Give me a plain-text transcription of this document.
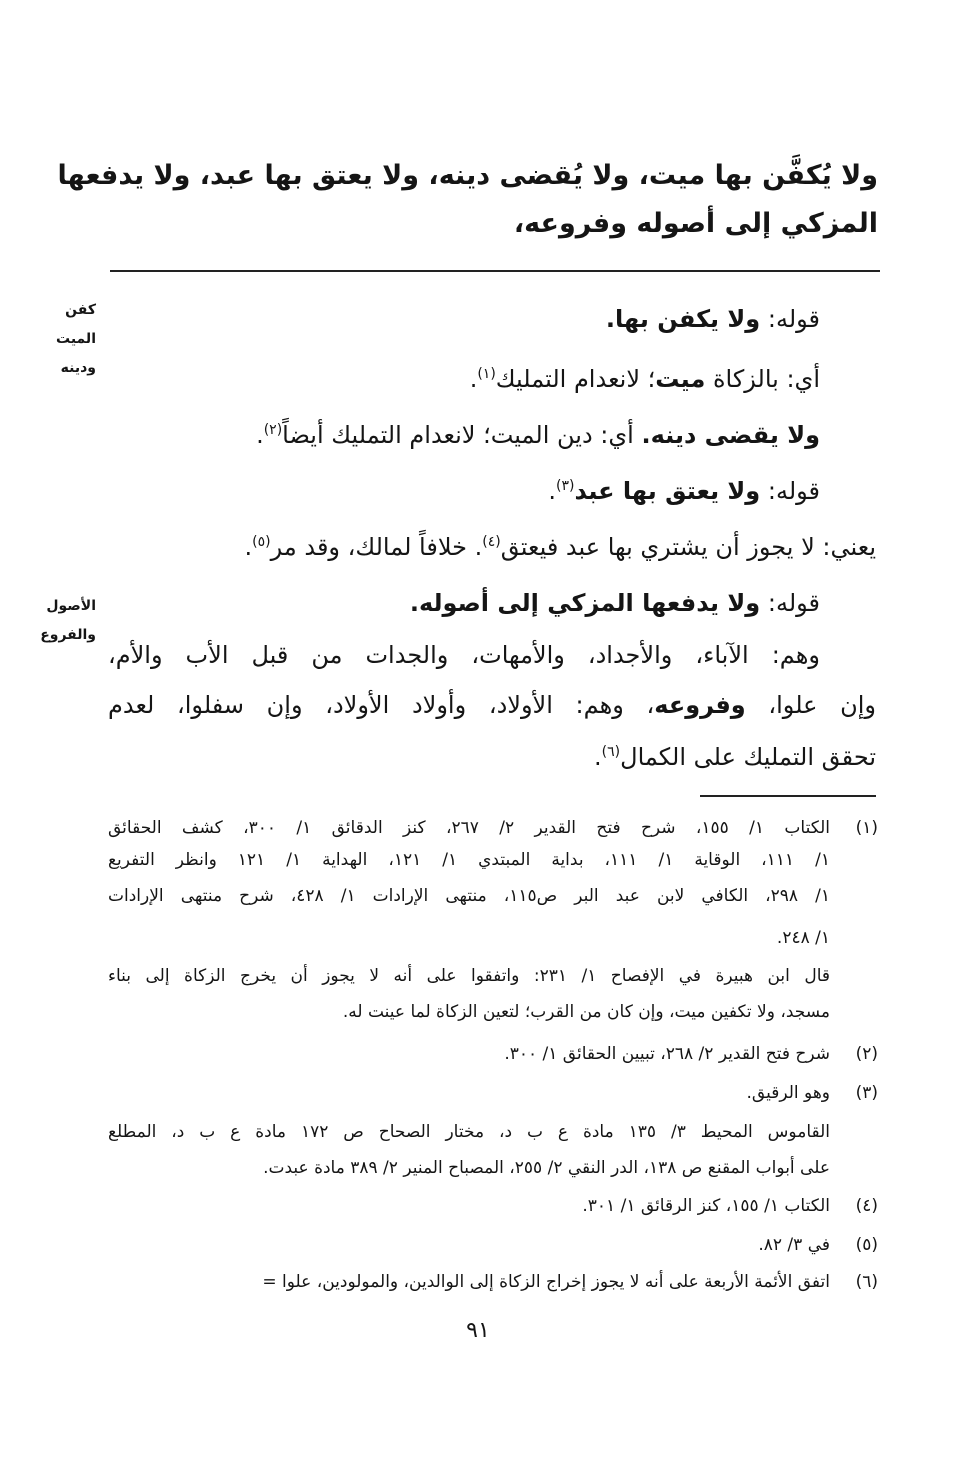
ولا يُكفَّن بها ميت، ولا يُقضى دينه، ولا يعتق بها عبد، ولا يدفعها
المزكي إلى أصوله وفروعه،
كفن
الميت
ودينه
الأصول
والفروع
قوله: ولا يكفن بها.
أي: بالزكاة ميت؛ لانعدام التمليك$^{(١)}$.
ولا يقضى دينه. أي: دين الميت؛ لانعدام التمليك أيضاً$^{(٢)}$.
قوله: ولا يعتق بها عبد$^{(٣)}$.
يعني: لا يجوز أن يشتري بها عبد فيعتق$^{(٤)}$. خلافاً لمالك، وقد مر$^{(٥)}$.
قوله: ولا يدفعها المزكي إلى أصوله.
وهم: الآباء، والأجداد، والأمهات، والجدات من قبل الأب والأم،
وإن علوا، وفروعه، وهم: الأولاد، وأولاد الأولاد، وإن سفلوا، لعدم
تحقق التمليك على الكمال$^{(٦)}$.
(١)
الكتاب ١/ ١٥٥، شرح فتح القدير ٢/ ٢٦٧، كنز الدقائق ١/ ٣٠٠، كشف الحقائق
١/ ١١١، الوقاية ١/ ١١١، بداية المبتدي ١/ ١٢١، الهداية ١/ ١٢١ وانظر التفريع
١/ ٢٩٨، الكافي لابن عبد البر ص١١٥، منتهى الإرادات ١/ ٤٢٨، شرح منتهى الإرادات
١/ ٢٤٨.
قال ابن هبيرة في الإفصاح ١/ ٢٣١: واتفقوا على أنه لا يجوز أن يخرج الزكاة إلى بناء
مسجد، ولا تكفين ميت، وإن كان من القرب؛ لتعين الزكاة لما عينت له.
(٢)
شرح فتح القدير ٢/ ٢٦٨، تبيين الحقائق ١/ ٣٠٠.
(٣)
وهو الرقيق.
القاموس المحيط ٣/ ١٣٥ مادة ع ب د، مختار الصحاح ص ١٧٢ مادة ع ب د، المطلع
على أبواب المقنع ص ١٣٨، الدر النقي ٢/ ٢٥٥، المصباح المنير ٢/ ٣٨٩ مادة عبدت.
(٤)
الكتاب ١/ ١٥٥، كنز الرقائق ١/ ٣٠١.
(٥)
في ٣/ ٨٢.
(٦)
اتفق الأئمة الأربعة على أنه لا يجوز إخراج الزكاة إلى الوالدين، والمولودين، علوا =
٩١
